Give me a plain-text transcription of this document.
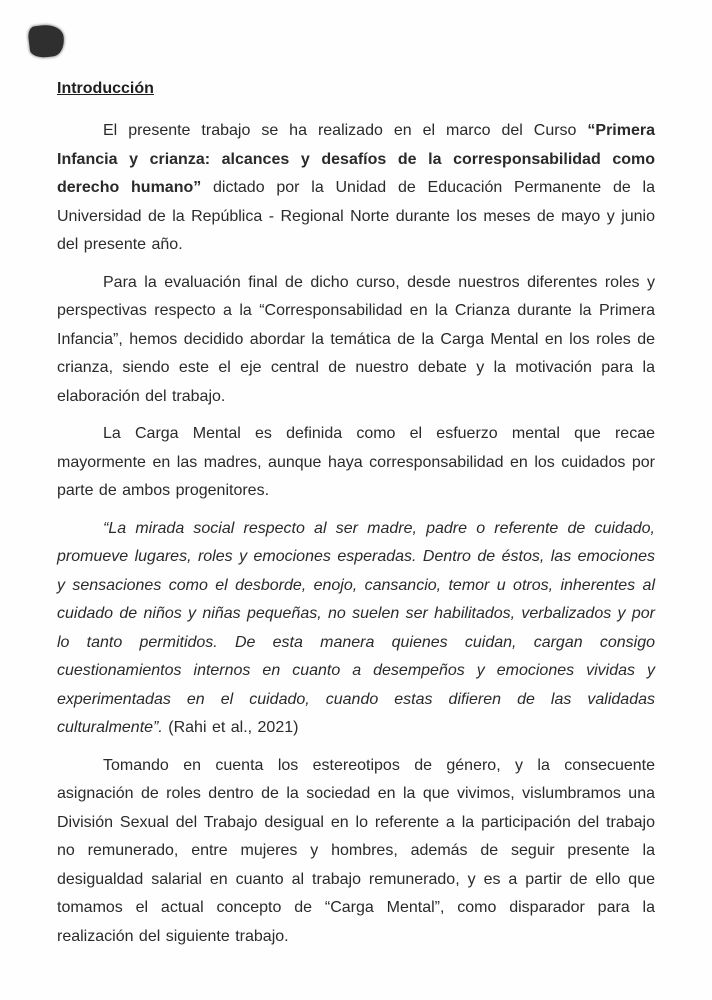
Introducción

El presente trabajo se ha realizado en el marco del Curso “Primera Infancia y crianza: alcances y desafíos de la corresponsabilidad como derecho humano” dictado por la Unidad de Educación Permanente de la Universidad de la República - Regional Norte durante los meses de mayo y junio del presente año.

Para la evaluación final de dicho curso, desde nuestros diferentes roles y perspectivas respecto a la “Corresponsabilidad en la Crianza durante la Primera Infancia”, hemos decidido abordar la temática de la Carga Mental en los roles de crianza, siendo este el eje central de nuestro debate y la motivación para la elaboración del trabajo.

La Carga Mental es definida como el esfuerzo mental que recae mayormente en las madres, aunque haya corresponsabilidad en los cuidados por parte de ambos progenitores.

“La mirada social respecto al ser madre, padre o referente de cuidado, promueve lugares, roles y emociones esperadas. Dentro de éstos, las emociones y sensaciones como el desborde, enojo, cansancio, temor u otros, inherentes al cuidado de niños y niñas pequeñas, no suelen ser habilitados, verbalizados y por lo tanto permitidos. De esta manera quienes cuidan, cargan consigo cuestionamientos internos en cuanto a desempeños y emociones vividas y experimentadas en el cuidado, cuando estas difieren de las validadas culturalmente”. (Rahi et al., 2021)

Tomando en cuenta los estereotipos de género, y la consecuente asignación de roles dentro de la sociedad en la que vivimos, vislumbramos una División Sexual del Trabajo desigual en lo referente a la participación del trabajo no remunerado, entre mujeres y hombres, además de seguir presente la desigualdad salarial en cuanto al trabajo remunerado, y es a partir de ello que tomamos el actual concepto de “Carga Mental”, como disparador para la realización del siguiente trabajo.
